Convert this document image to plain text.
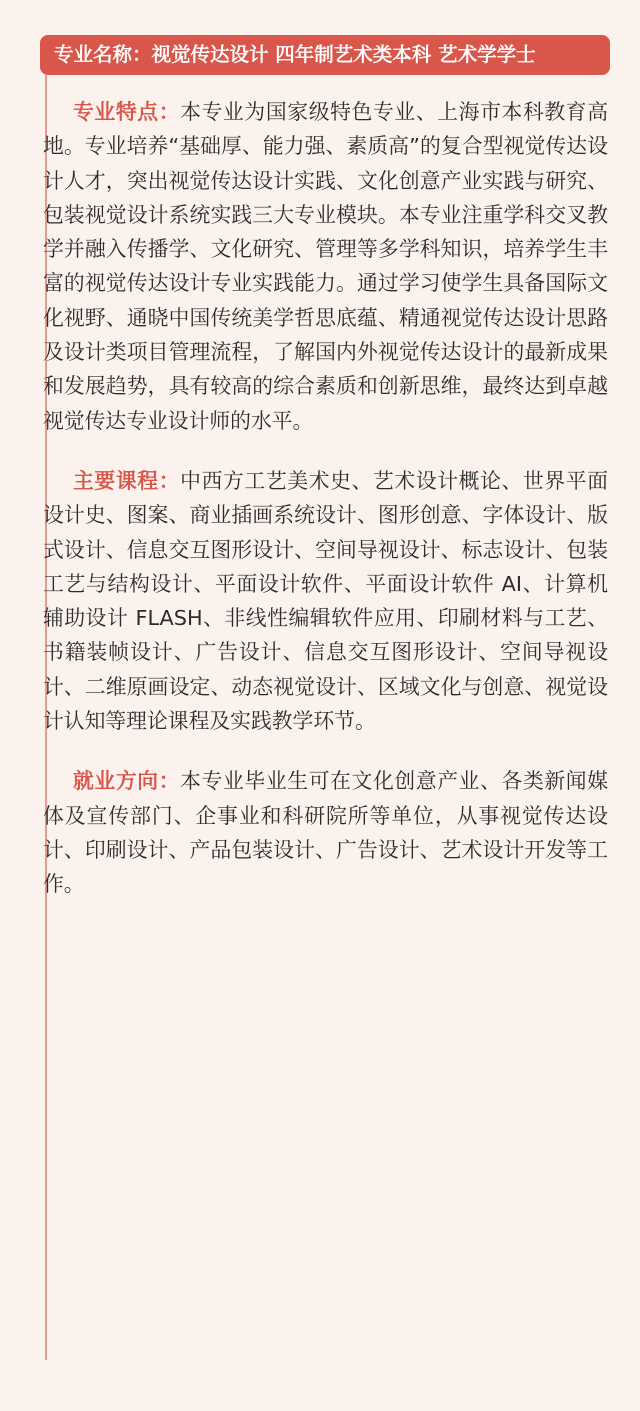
专业名称：视觉传达设计 四年制艺术类本科 艺术学学士

专业特点：本专业为国家级特色专业、上海市本科教育高地。专业培养“基础厚、能力强、素质高”的复合型视觉传达设计人才，突出视觉传达设计实践、文化创意产业实践与研究、包装视觉设计系统实践三大专业模块。本专业注重学科交叉教学并融入传播学、文化研究、管理等多学科知识，培养学生丰富的视觉传达设计专业实践能力。通过学习使学生具备国际文化视野、通晓中国传统美学哲思底蕴、精通视觉传达设计思路及设计类项目管理流程，了解国内外视觉传达设计的最新成果和发展趋势，具有较高的综合素质和创新思维，最终达到卓越视觉传达专业设计师的水平。

主要课程：中西方工艺美术史、艺术设计概论、世界平面设计史、图案、商业插画系统设计、图形创意、字体设计、版式设计、信息交互图形设计、空间导视设计、标志设计、包装工艺与结构设计、平面设计软件、平面设计软件 AI、计算机辅助设计 FLASH、非线性编辑软件应用、印刷材料与工艺、书籍装帧设计、广告设计、信息交互图形设计、空间导视设计、二维原画设定、动态视觉设计、区域文化与创意、视觉设计认知等理论课程及实践教学环节。

就业方向：本专业毕业生可在文化创意产业、各类新闻媒体及宣传部门、企事业和科研院所等单位，从事视觉传达设计、印刷设计、产品包装设计、广告设计、艺术设计开发等工作。
